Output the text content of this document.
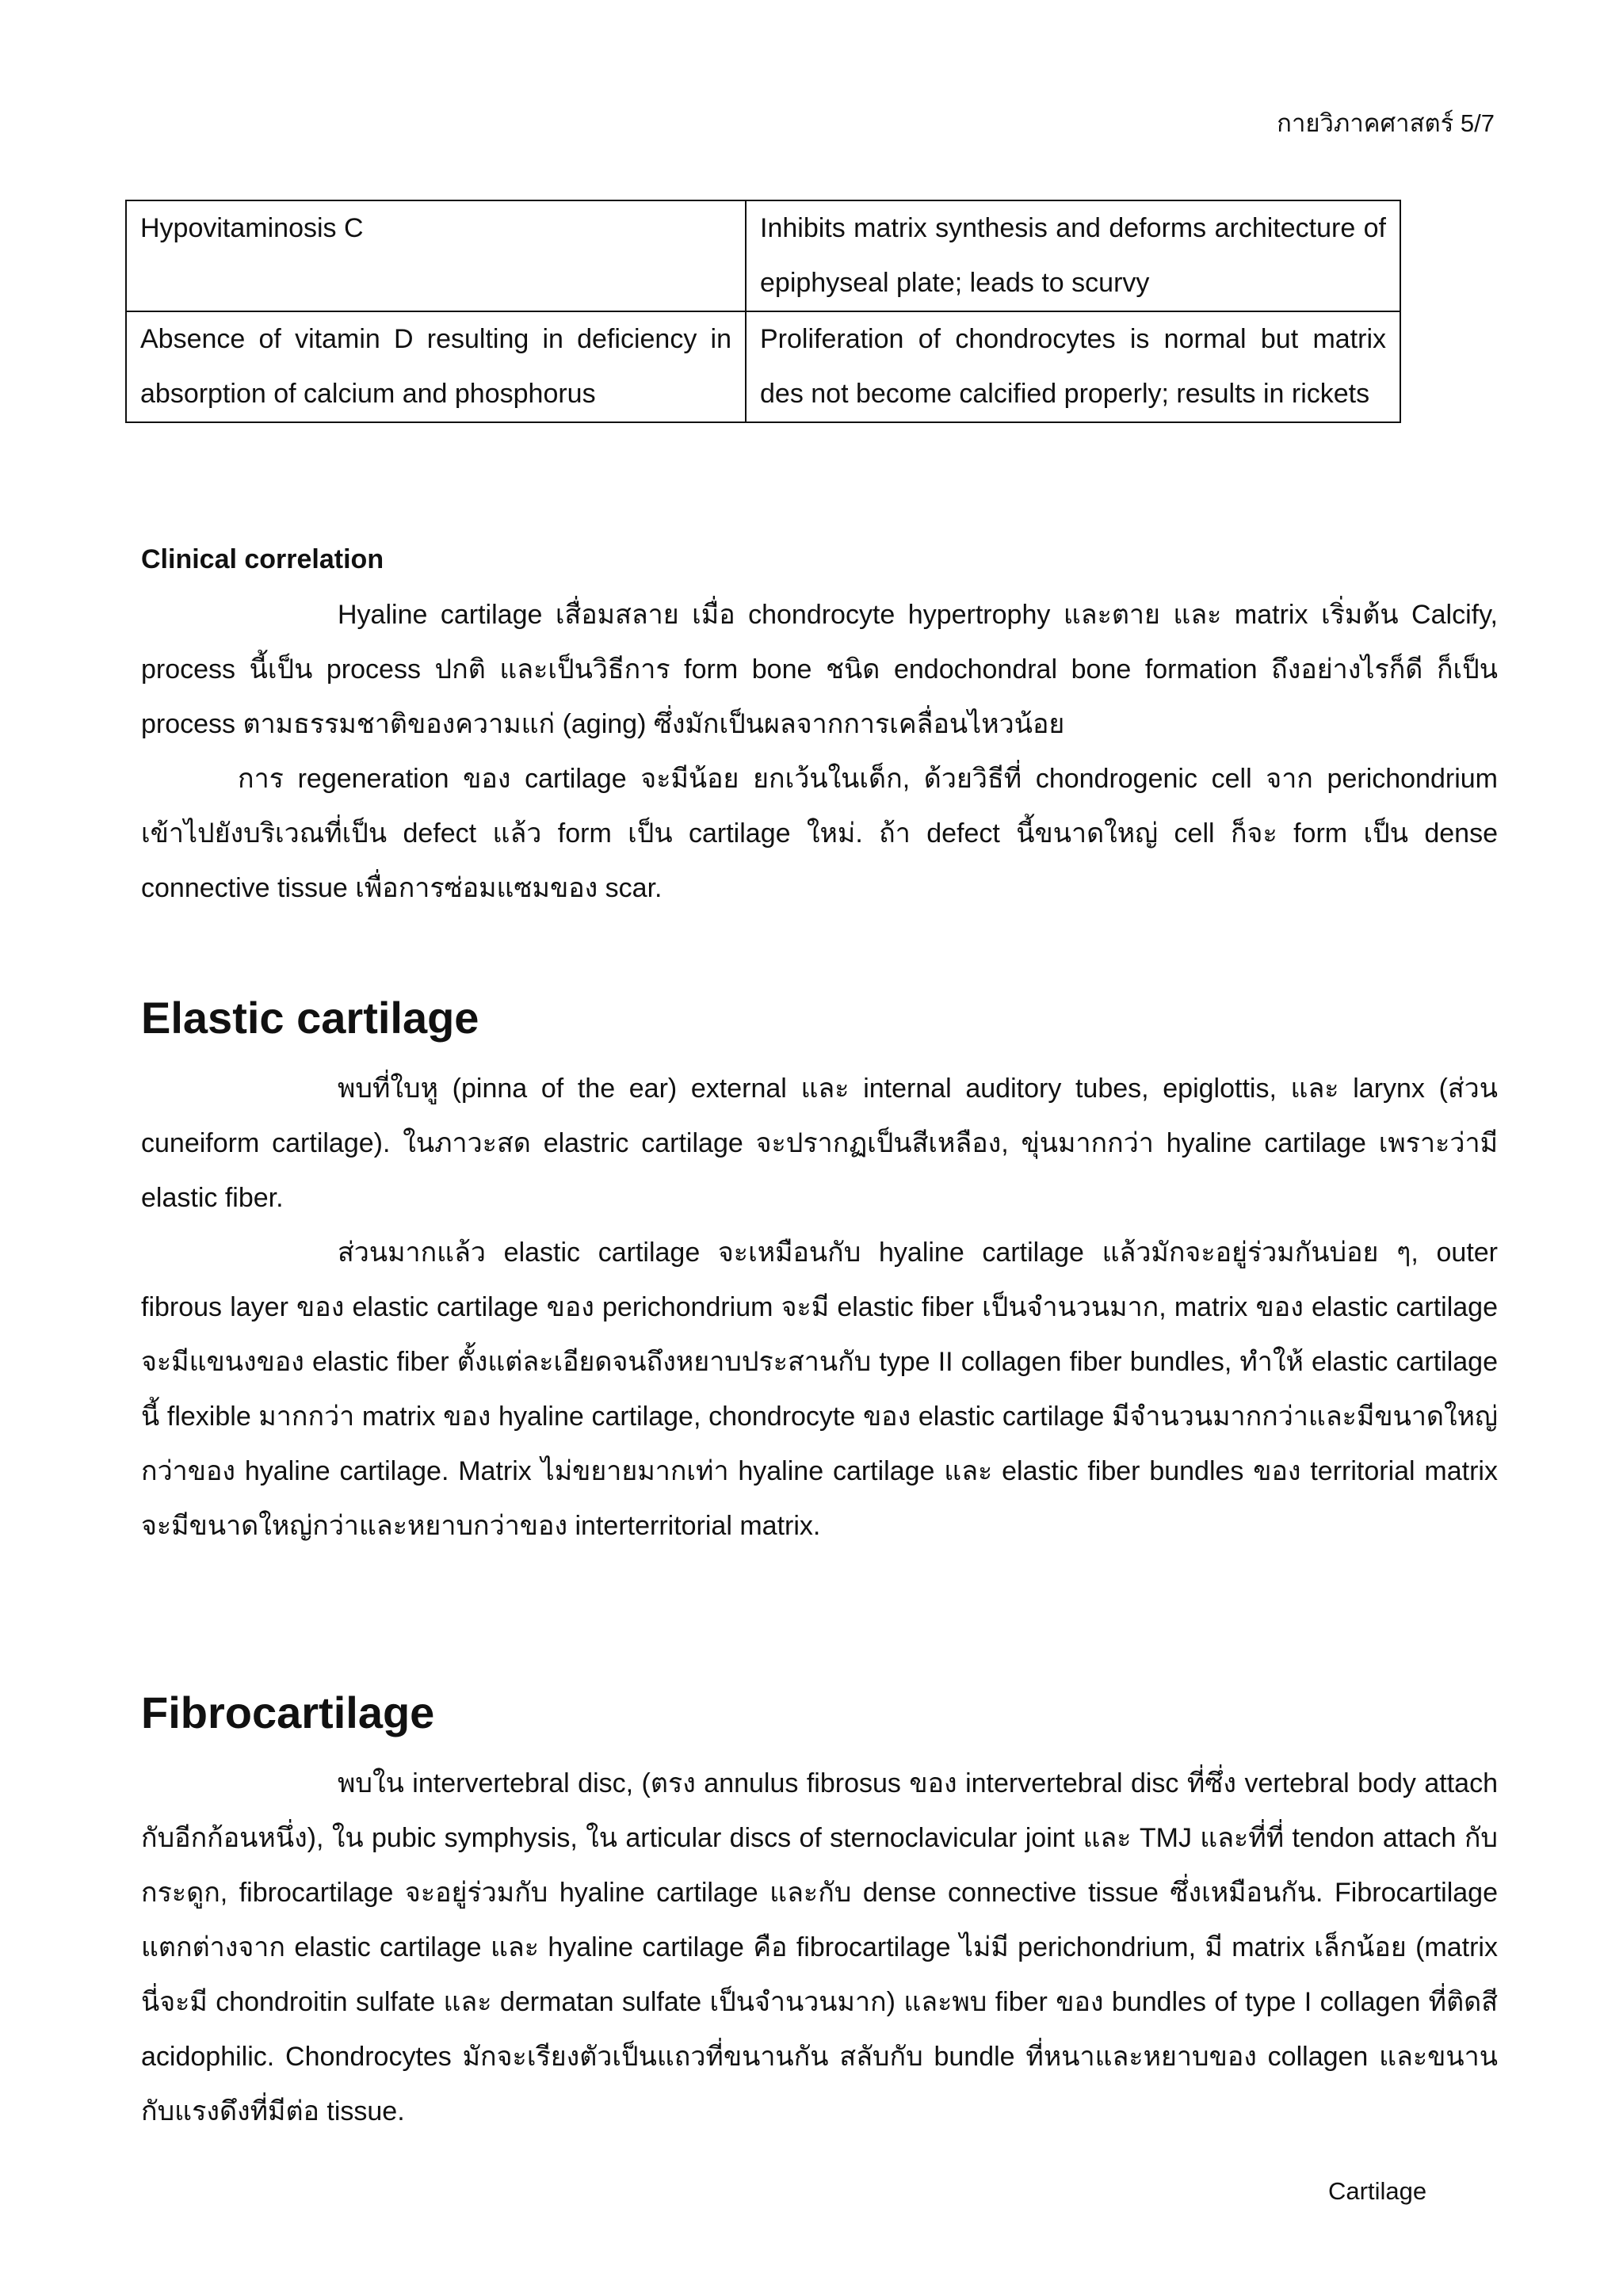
กายวิภาคศาสตร์ 5/7
Hypovitaminosis C	Inhibits matrix synthesis and deforms architecture of epiphyseal plate; leads to scurvy
Absence of vitamin D resulting in deficiency in absorption of calcium and phosphorus	Proliferation of chondrocytes is normal but matrix des not become calcified properly; results in rickets
Clinical correlation

Hyaline cartilage เสื่อมสลาย เมื่อ chondrocyte hypertrophy และตาย และ matrix เริ่มต้น Calcify, process นี้เป็น process ปกติ และเป็นวิธีการ form bone ชนิด endochondral bone formation ถึงอย่างไรก็ดี ก็เป็น process ตามธรรมชาติของความแก่ (aging) ซึ่งมักเป็นผลจากการเคลื่อนไหวน้อย

การ regeneration ของ cartilage จะมีน้อย ยกเว้นในเด็ก, ด้วยวิธีที่ chondrogenic cell จาก perichondrium เข้าไปยังบริเวณที่เป็น defect แล้ว form เป็น cartilage ใหม่. ถ้า defect นี้ขนาดใหญ่ cell ก็จะ form เป็น dense connective tissue เพื่อการซ่อมแซมของ scar.

Elastic cartilage

พบที่ใบหู (pinna of the ear) external และ internal auditory tubes, epiglottis, และ larynx (ส่วน cuneiform cartilage). ในภาวะสด elastric cartilage จะปรากฏเป็นสีเหลือง, ขุ่นมากกว่า hyaline cartilage เพราะว่ามี elastic fiber.

ส่วนมากแล้ว elastic cartilage จะเหมือนกับ hyaline cartilage แล้วมักจะอยู่ร่วมกันบ่อย ๆ, outer fibrous layer ของ elastic cartilage ของ perichondrium จะมี elastic fiber เป็นจำนวนมาก, matrix ของ elastic cartilage จะมีแขนงของ elastic fiber ตั้งแต่ละเอียดจนถึงหยาบประสานกับ type II collagen fiber bundles, ทำให้ elastic cartilage นี้ flexible มากกว่า matrix ของ hyaline cartilage, chondrocyte ของ elastic cartilage มีจำนวนมากกว่าและมีขนาดใหญ่กว่าของ hyaline cartilage. Matrix ไม่ขยายมากเท่า hyaline cartilage และ elastic fiber bundles ของ territorial matrix จะมีขนาดใหญ่กว่าและหยาบกว่าของ interterritorial matrix.

Fibrocartilage

พบใน intervertebral disc, (ตรง annulus fibrosus ของ intervertebral disc ที่ซึ่ง vertebral body attach กับอีกก้อนหนึ่ง), ใน pubic symphysis, ใน articular discs of sternoclavicular joint และ TMJ และที่ที่ tendon attach กับกระดูก, fibrocartilage จะอยู่ร่วมกับ hyaline cartilage และกับ dense connective tissue ซึ่งเหมือนกัน. Fibrocartilage แตกต่างจาก elastic cartilage และ hyaline cartilage คือ fibrocartilage ไม่มี perichondrium, มี matrix เล็กน้อย (matrix นี่จะมี chondroitin sulfate และ dermatan sulfate เป็นจำนวนมาก) และพบ fiber ของ bundles of type I collagen ที่ติดสี acidophilic. Chondrocytes มักจะเรียงตัวเป็นแถวที่ขนานกัน สลับกับ bundle ที่หนาและหยาบของ collagen และขนานกับแรงดึงที่มีต่อ tissue.

Cartilage
